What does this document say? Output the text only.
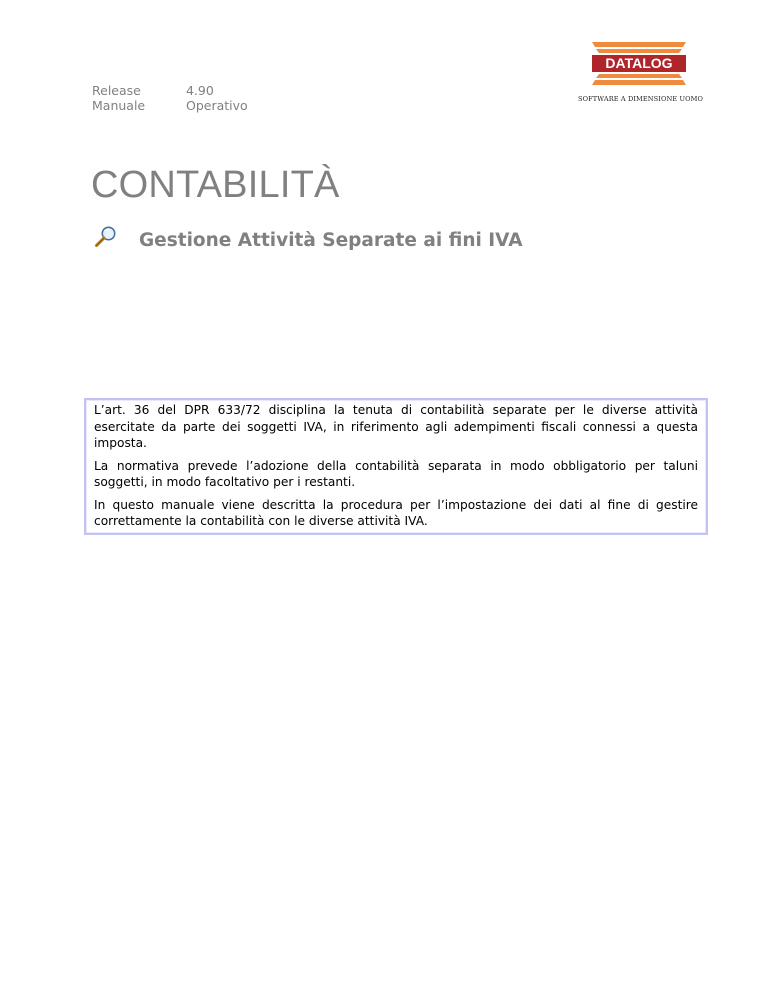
Release	4.90
Manuale	Operativo
DATALOG
SOFTWARE A DIMENSIONE UOMO
CONTABILITÀ
Gestione Attività Separate ai fini IVA

L’art. 36 del DPR 633/72 disciplina la tenuta di contabilità separate per le diverse attività esercitate da parte dei soggetti IVA, in riferimento agli adempimenti fiscali connessi a questa imposta.

La normativa prevede l’adozione della contabilità separata in modo obbligatorio per taluni soggetti, in modo facoltativo per i restanti.

In questo manuale viene descritta la procedura per l’impostazione dei dati al fine di gestire correttamente la contabilità con le diverse attività IVA.
